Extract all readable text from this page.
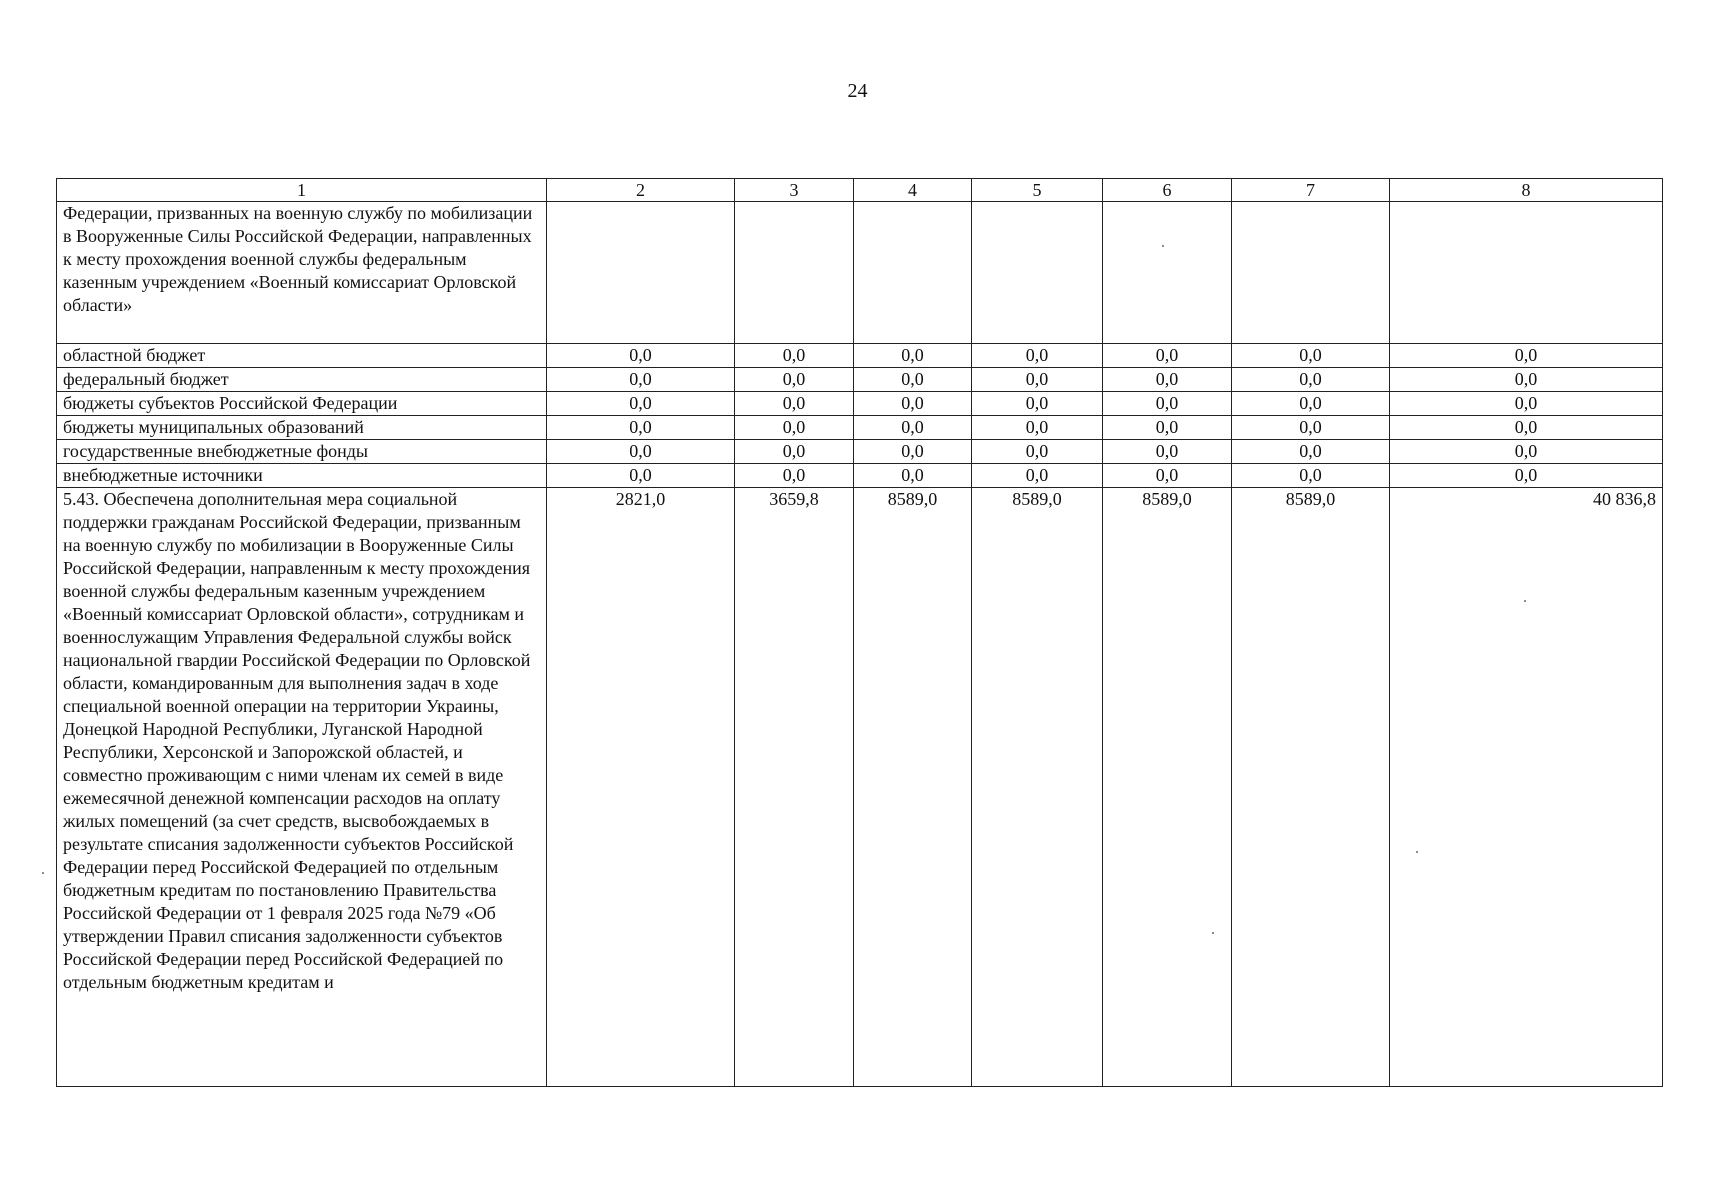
24
1	2	3	4	5	6	7	8
Федерации, призванных на военную службу по мобилизации в Вооруженные Силы Российской Федерации, направленных к месту прохождения военной службы федеральным казенным учреждением «Военный комиссариат Орловской области»							
областной бюджет	0,0	0,0	0,0	0,0	0,0	0,0	0,0
федеральный бюджет	0,0	0,0	0,0	0,0	0,0	0,0	0,0
бюджеты субъектов Российской Федерации	0,0	0,0	0,0	0,0	0,0	0,0	0,0
бюджеты муниципальных образований	0,0	0,0	0,0	0,0	0,0	0,0	0,0
государственные внебюджетные фонды	0,0	0,0	0,0	0,0	0,0	0,0	0,0
внебюджетные источники	0,0	0,0	0,0	0,0	0,0	0,0	0,0
5.43. Обеспечена дополнительная мера социальной поддержки гражданам Российской Федерации, призванным на военную службу по мобилизации в Вооруженные Силы Российской Федерации, направленным к месту прохождения военной службы федеральным казенным учреждением «Военный комиссариат Орловской области», сотрудникам и военнослужащим Управления Федеральной службы войск национальной гвардии Российской Федерации по Орловской области, командированным для выполнения задач в ходе специальной военной операции на территории Украины, Донецкой Народной Республики, Луганской Народной Республики, Херсонской и Запорожской областей, и совместно проживающим с ними членам их семей в виде ежемесячной денежной компенсации расходов на оплату жилых помещений (за счет средств, высвобождаемых в результате списания задолженности субъектов Российской Федерации перед Российской Федерацией по отдельным бюджетным кредитам по постановлению Правительства Российской Федерации от 1 февраля 2025 года №79 «Об утверждении Правил списания задолженности субъектов Российской Федерации перед Российской Федерацией по отдельным бюджетным кредитам и	2821,0	3659,8	8589,0	8589,0	8589,0	8589,0	40 836,8
